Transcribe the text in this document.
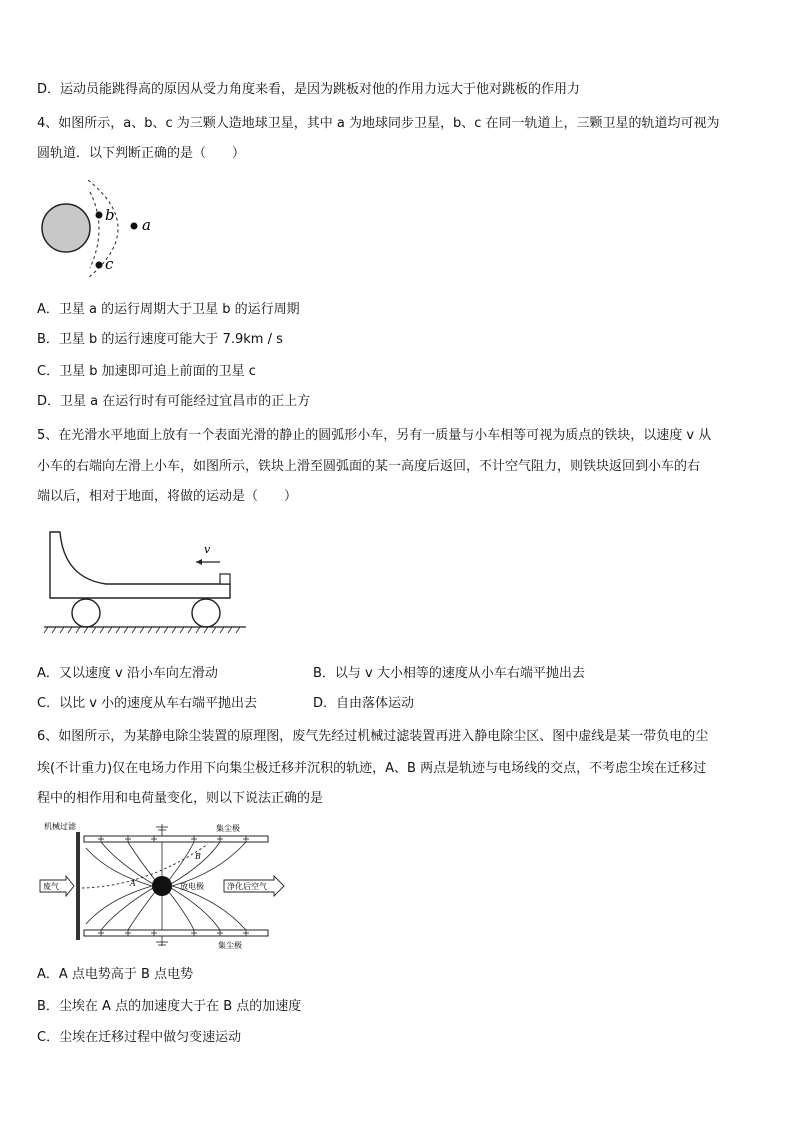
D．运动员能跳得高的原因从受力角度来看，是因为跳板对他的作用力远大于他对跳板的作用力
4、如图所示，a、b、c 为三颗人造地球卫星，其中 a 为地球同步卫星，b、c 在同一轨道上，三颗卫星的轨道均可视为
圆轨道．以下判断正确的是（　　）
b
c
a
A．卫星 a 的运行周期大于卫星 b 的运行周期
B．卫星 b 的运行速度可能大于 7.9km / s
C．卫星 b 加速即可追上前面的卫星 c
D．卫星 a 在运行时有可能经过宜昌市的正上方
5、在光滑水平地面上放有一个表面光滑的静止的圆弧形小车，另有一质量与小车相等可视为质点的铁块，以速度 v 从
小车的右端向左滑上小车，如图所示，铁块上滑至圆弧面的某一高度后返回，不计空气阻力，则铁块返回到小车的右
端以后，相对于地面，将做的运动是（　　）
v
A．又以速度 v 沿小车向左滑动	B．以与 v 大小相等的速度从小车右端平抛出去
C．以比 v 小的速度从车右端平抛出去	D．自由落体运动
6、如图所示，为某静电除尘装置的原理图，废气先经过机械过滤装置再进入静电除尘区、图中虚线是某一带负电的尘
埃(不计重力)仅在电场力作用下向集尘极迁移并沉积的轨迹，A、B 两点是轨迹与电场线的交点，不考虑尘埃在迁移过
程中的相作用和电荷量变化，则以下说法正确的是
机械过滤	集尘极
集尘极
放电极
A
B
废气	净化后空气
A．A 点电势高于 B 点电势
B．尘埃在 A 点的加速度大于在 B 点的加速度
C．尘埃在迁移过程中做匀变速运动
